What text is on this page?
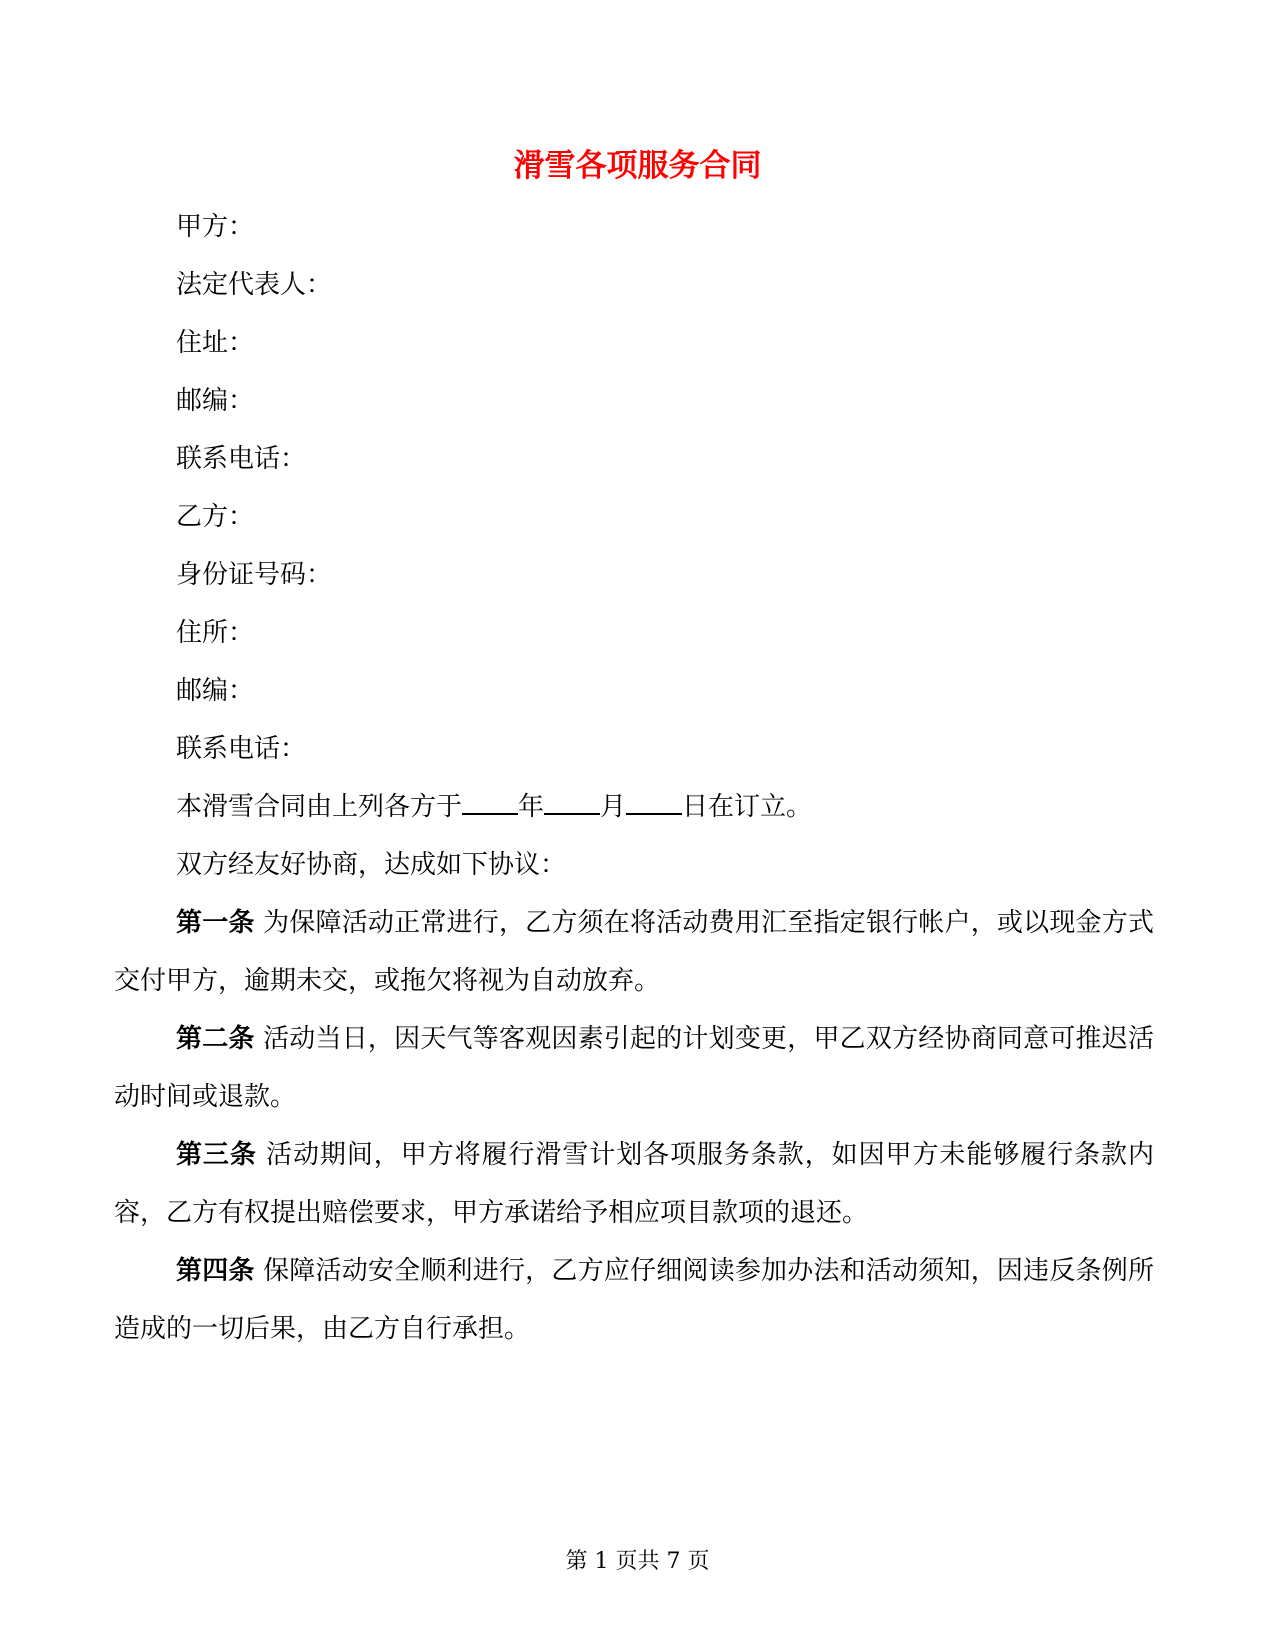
滑雪各项服务合同
甲方：
法定代表人：
住址：
邮编：
联系电话：
乙方：
身份证号码：
住所：
邮编：
联系电话：

本滑雪合同由上列各方于 年 月 日在订立。

双方经友好协商，达成如下协议：

第一条 为保障活动正常进行，乙方须在将活动费用汇至指定银行帐户，或以现金方式交付甲方，逾期未交，或拖欠将视为自动放弃。

第二条 活动当日，因天气等客观因素引起的计划变更，甲乙双方经协商同意可推迟活动时间或退款。

第三条 活动期间，甲方将履行滑雪计划各项服务条款，如因甲方未能够履行条款内容，乙方有权提出赔偿要求，甲方承诺给予相应项目款项的退还。

第四条 保障活动安全顺利进行，乙方应仔细阅读参加办法和活动须知，因违反条例所造成的一切后果，由乙方自行承担。

第 1 页共 7 页
